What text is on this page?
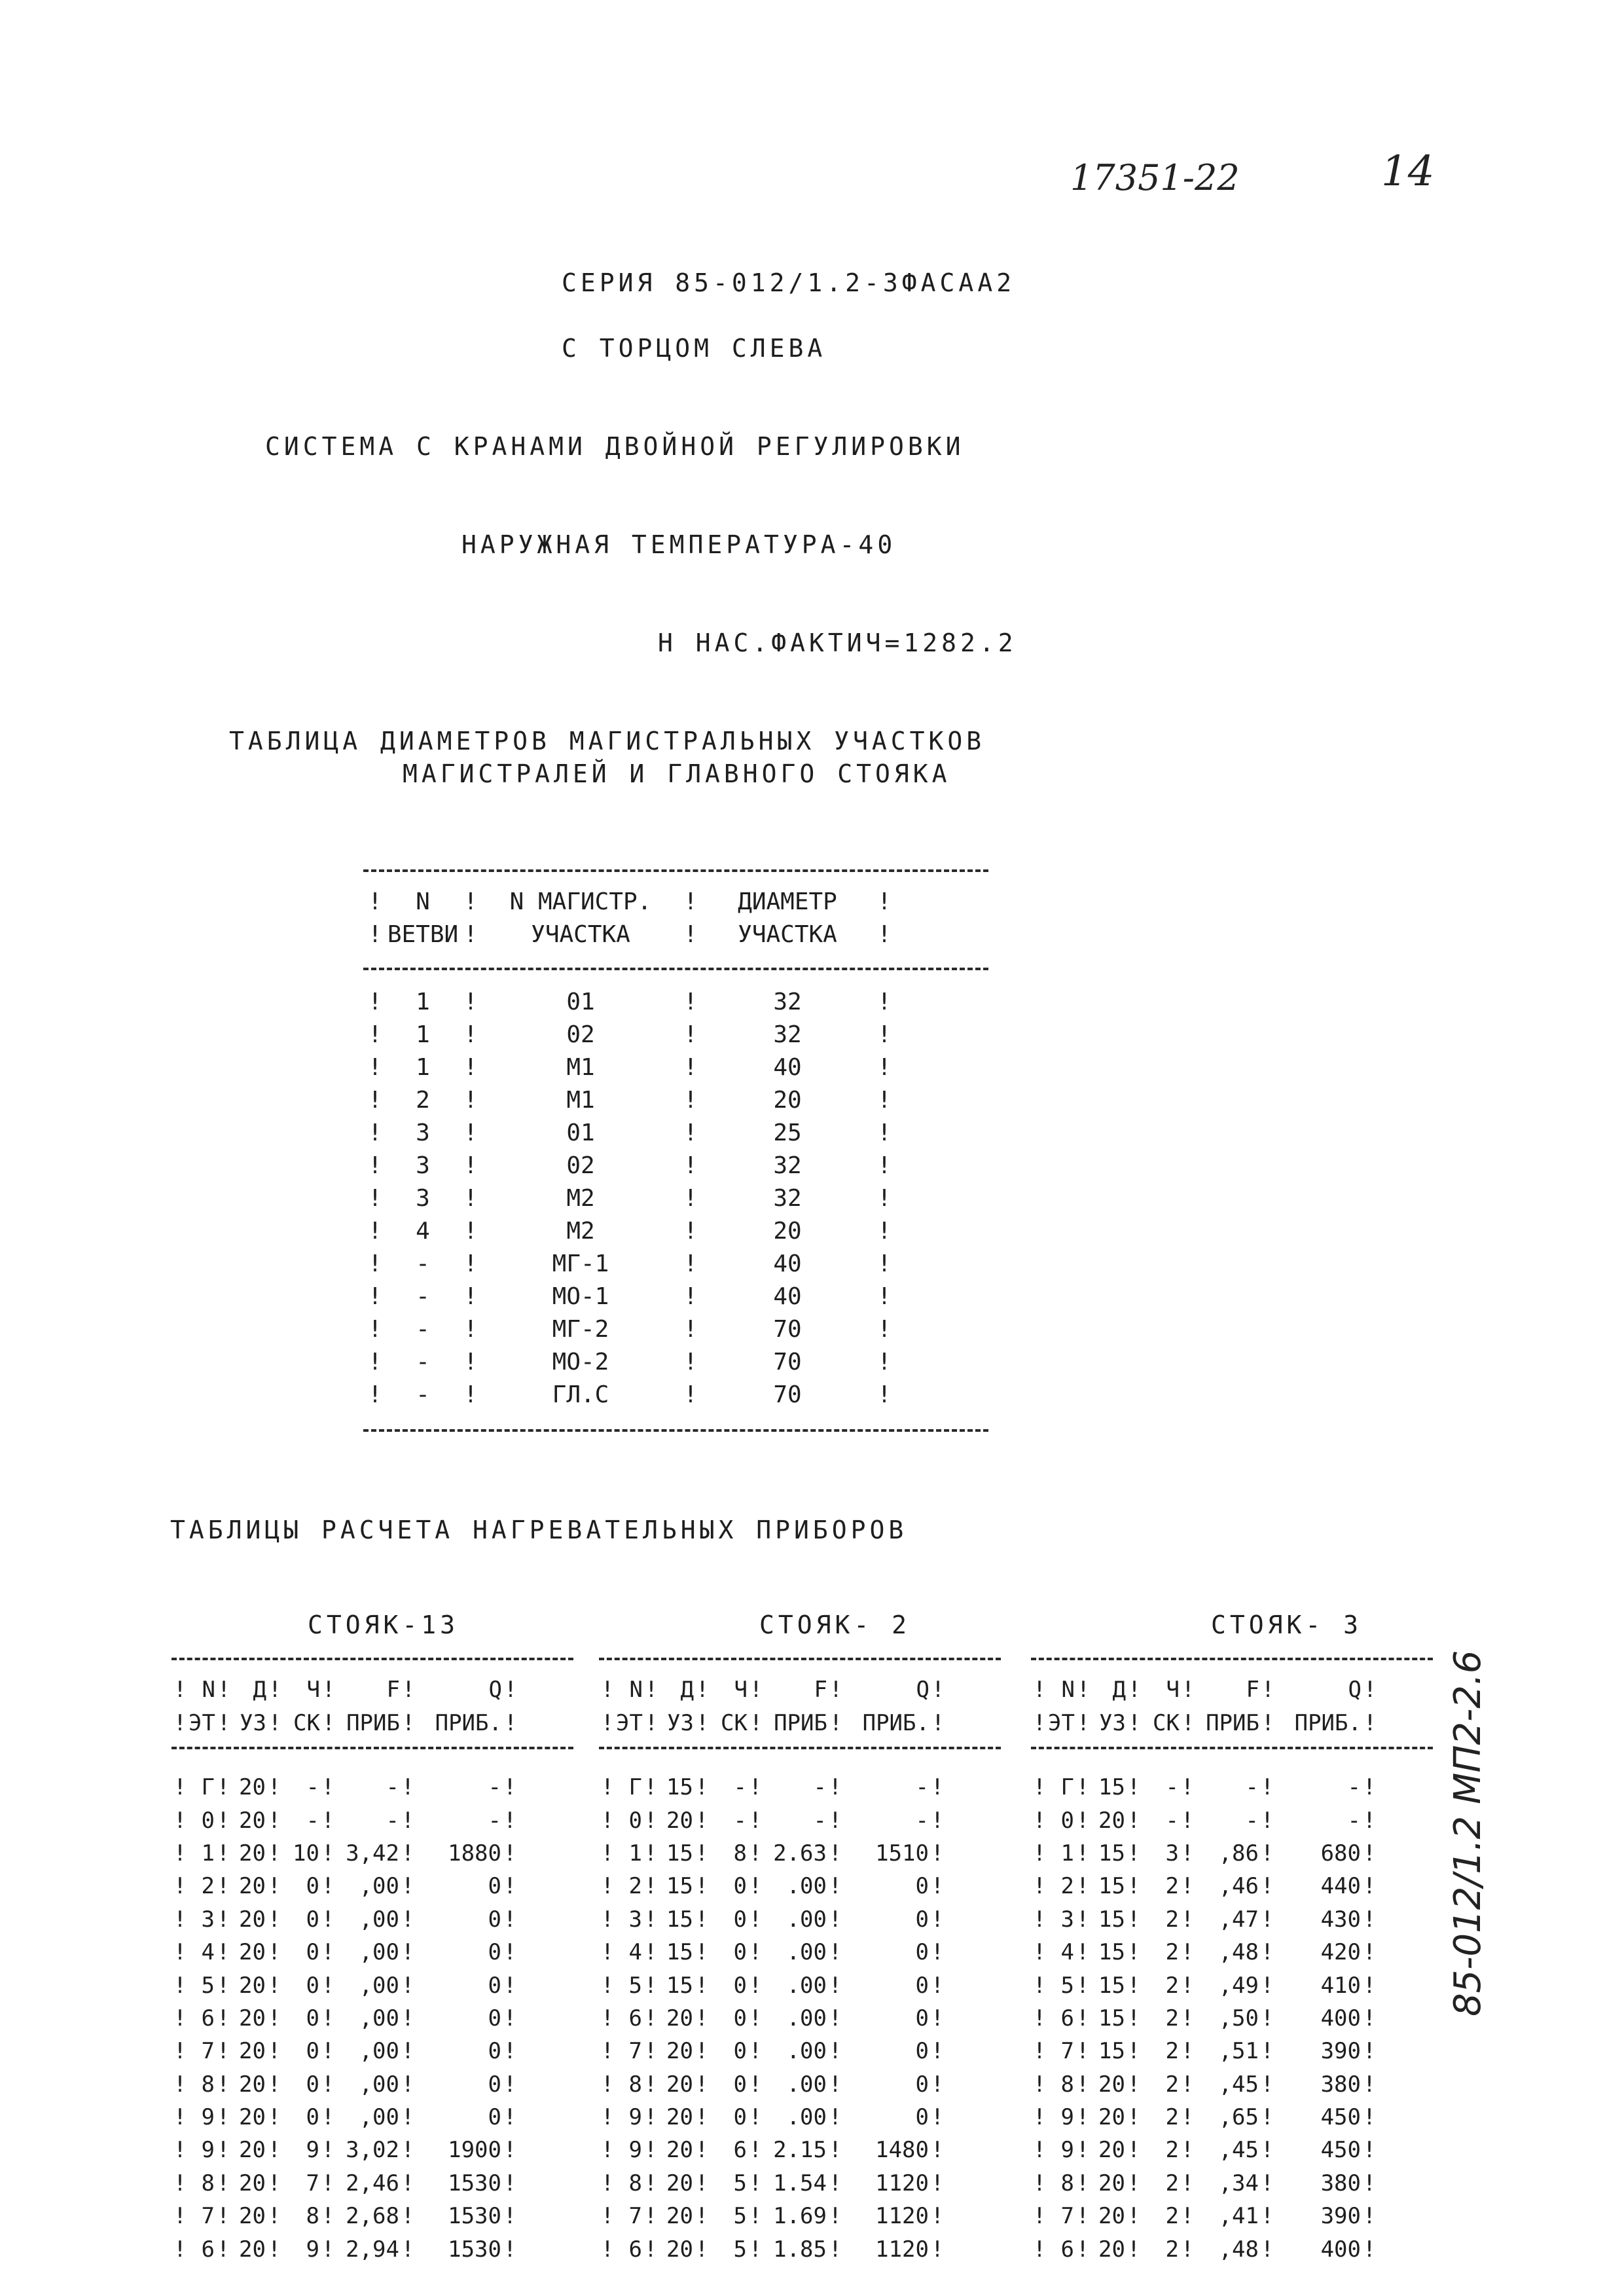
17351-22	14
СЕРИЯ 85-012/1.2-3ФАСАА2
С ТОРЦОМ СЛЕВА
СИСТЕМА С КРАНАМИ ДВОЙНОЙ РЕГУЛИРОВКИ
НАРУЖНАЯ ТЕМПЕРАТУРА-40
Н НАС.ФАКТИЧ=1282.2
ТАБЛИЦА ДИАМЕТРОВ МАГИСТРАЛЬНЫХ УЧАСТКОВ
МАГИСТРАЛЕЙ И ГЛАВНОГО СТОЯКА
!	N	!	N МАГИСТР.	!	ДИАМЕТР	!
!	ВЕТВИ	!	УЧАСТКА	!	УЧАСТКА	!
!	1	!	01	!	32	!
!	1	!	02	!	32	!
!	1	!	М1	!	40	!
!	2	!	М1	!	20	!
!	3	!	01	!	25	!
!	3	!	02	!	32	!
!	3	!	М2	!	32	!
!	4	!	М2	!	20	!
!	-	!	МГ-1	!	40	!
!	-	!	МО-1	!	40	!
!	-	!	МГ-2	!	70	!
!	-	!	МО-2	!	70	!
!	-	!	ГЛ.С	!	70	!
ТАБЛИЦЫ РАСЧЕТА НАГРЕВАТЕЛЬНЫХ ПРИБОРОВ
СТОЯК-13	СТОЯК- 2	СТОЯК- 3
!	N	!	Д	!	Ч	!	F	!	Q	!
!	ЭТ	!	УЗ	!	СК	!	ПРИБ	!	ПРИБ.	!
!	N	!	Д	!	Ч	!	F	!	Q	!
!	ЭТ	!	УЗ	!	СК	!	ПРИБ	!	ПРИБ.	!
!	N	!	Д	!	Ч	!	F	!	Q	!
!	ЭТ	!	УЗ	!	СК	!	ПРИБ	!	ПРИБ.	!
!	Г	!	20	!	-	!	-	!	-	!
!	0	!	20	!	-	!	-	!	-	!
!	1	!	20	!	10	!	3,42	!	1880	!
!	2	!	20	!	0	!	,00	!	0	!
!	3	!	20	!	0	!	,00	!	0	!
!	4	!	20	!	0	!	,00	!	0	!
!	5	!	20	!	0	!	,00	!	0	!
!	6	!	20	!	0	!	,00	!	0	!
!	7	!	20	!	0	!	,00	!	0	!
!	8	!	20	!	0	!	,00	!	0	!
!	9	!	20	!	0	!	,00	!	0	!
!	9	!	20	!	9	!	3,02	!	1900	!
!	8	!	20	!	7	!	2,46	!	1530	!
!	7	!	20	!	8	!	2,68	!	1530	!
!	6	!	20	!	9	!	2,94	!	1530	!
!	Г	!	15	!	-	!	-	!	-	!
!	0	!	20	!	-	!	-	!	-	!
!	1	!	15	!	8	!	2.63	!	1510	!
!	2	!	15	!	0	!	.00	!	0	!
!	3	!	15	!	0	!	.00	!	0	!
!	4	!	15	!	0	!	.00	!	0	!
!	5	!	15	!	0	!	.00	!	0	!
!	6	!	20	!	0	!	.00	!	0	!
!	7	!	20	!	0	!	.00	!	0	!
!	8	!	20	!	0	!	.00	!	0	!
!	9	!	20	!	0	!	.00	!	0	!
!	9	!	20	!	6	!	2.15	!	1480	!
!	8	!	20	!	5	!	1.54	!	1120	!
!	7	!	20	!	5	!	1.69	!	1120	!
!	6	!	20	!	5	!	1.85	!	1120	!
!	Г	!	15	!	-	!	-	!	-	!
!	0	!	20	!	-	!	-	!	-	!
!	1	!	15	!	3	!	,86	!	680	!
!	2	!	15	!	2	!	,46	!	440	!
!	3	!	15	!	2	!	,47	!	430	!
!	4	!	15	!	2	!	,48	!	420	!
!	5	!	15	!	2	!	,49	!	410	!
!	6	!	15	!	2	!	,50	!	400	!
!	7	!	15	!	2	!	,51	!	390	!
!	8	!	20	!	2	!	,45	!	380	!
!	9	!	20	!	2	!	,65	!	450	!
!	9	!	20	!	2	!	,45	!	450	!
!	8	!	20	!	2	!	,34	!	380	!
!	7	!	20	!	2	!	,41	!	390	!
!	6	!	20	!	2	!	,48	!	400	!
85-012/1.2 МП2-2.6
